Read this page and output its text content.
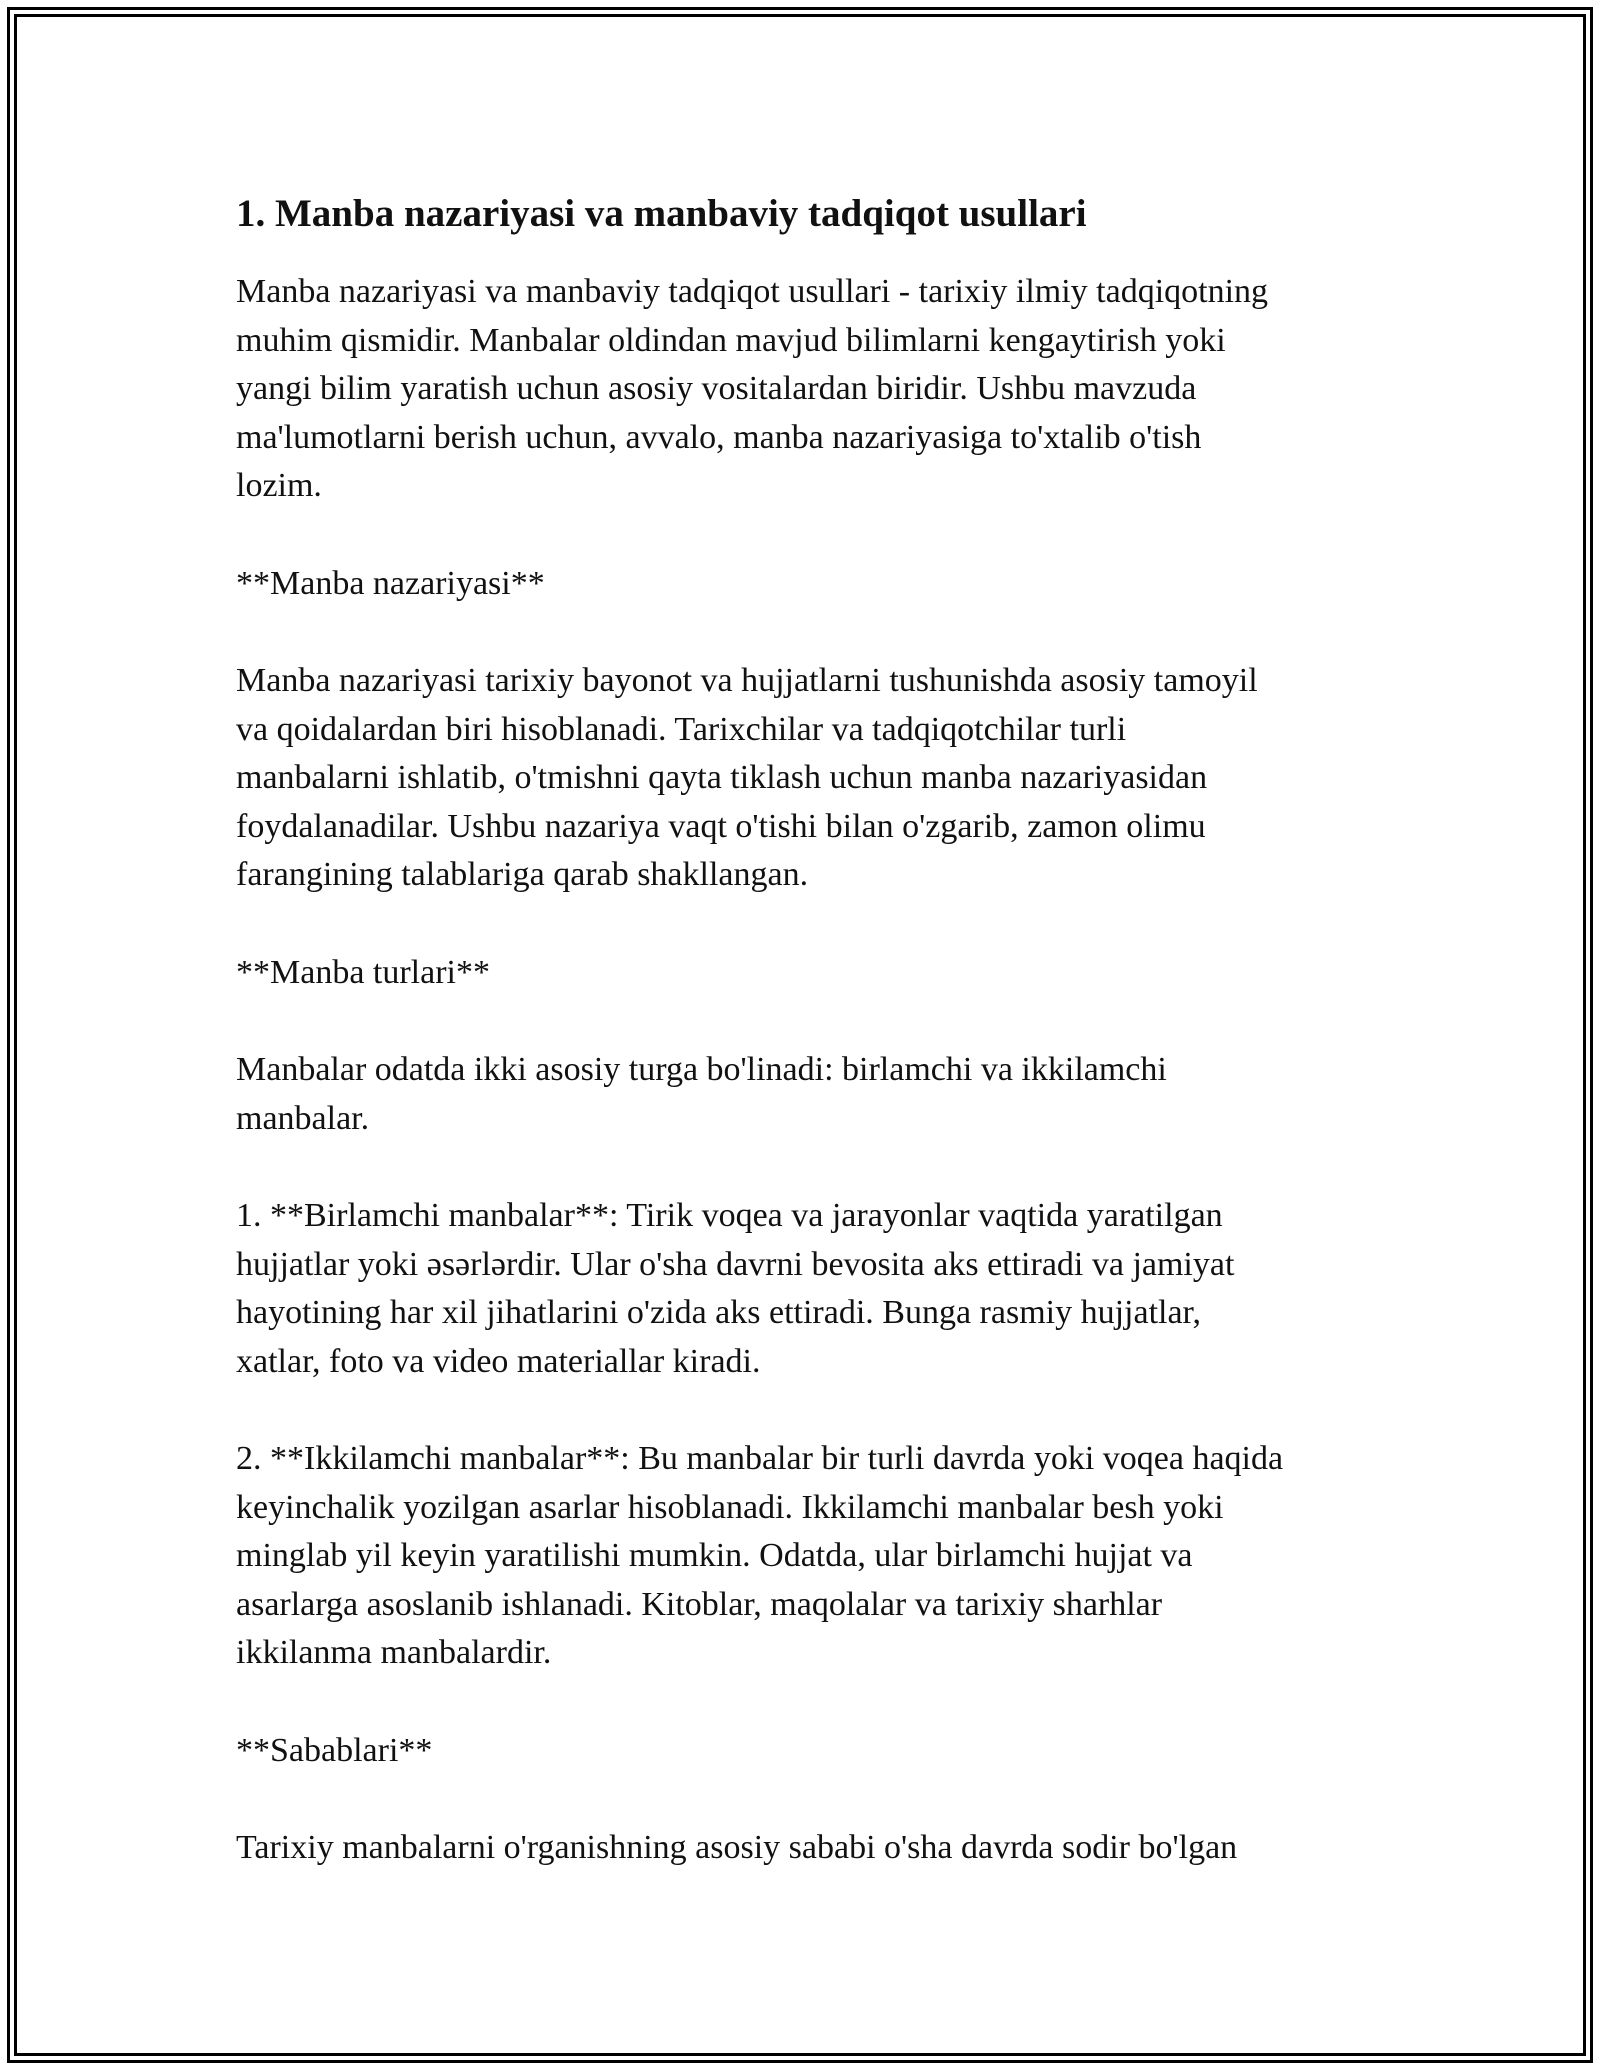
1. Manba nazariyasi va manbaviy tadqiqot usullari
Manba nazariyasi va manbaviy tadqiqot usullari - tarixiy ilmiy tadqiqotning
muhim qismidir. Manbalar oldindan mavjud bilimlarni kengaytirish yoki
yangi bilim yaratish uchun asosiy vositalardan biridir. Ushbu mavzuda
ma'lumotlarni berish uchun, avvalo, manba nazariyasiga to'xtalib o'tish
lozim.
**Manba nazariyasi**
Manba nazariyasi tarixiy bayonot va hujjatlarni tushunishda asosiy tamoyil
va qoidalardan biri hisoblanadi. Tarixchilar va tadqiqotchilar turli
manbalarni ishlatib, o'tmishni qayta tiklash uchun manba nazariyasidan
foydalanadilar. Ushbu nazariya vaqt o'tishi bilan o'zgarib, zamon olimu
farangining talablariga qarab shakllangan.
**Manba turlari**
Manbalar odatda ikki asosiy turga bo'linadi: birlamchi va ikkilamchi
manbalar.
1. **Birlamchi manbalar**: Tirik voqea va jarayonlar vaqtida yaratilgan
hujjatlar yoki əsərlərdir. Ular o'sha davrni bevosita aks ettiradi va jamiyat
hayotining har xil jihatlarini o'zida aks ettiradi. Bunga rasmiy hujjatlar,
xatlar, foto va video materiallar kiradi.
2. **Ikkilamchi manbalar**: Bu manbalar bir turli davrda yoki voqea haqida
keyinchalik yozilgan asarlar hisoblanadi. Ikkilamchi manbalar besh yoki
minglab yil keyin yaratilishi mumkin. Odatda, ular birlamchi hujjat va
asarlarga asoslanib ishlanadi. Kitoblar, maqolalar va tarixiy sharhlar
ikkilanma manbalardir.
**Sabablari**
Tarixiy manbalarni o'rganishning asosiy sababi o'sha davrda sodir bo'lgan
